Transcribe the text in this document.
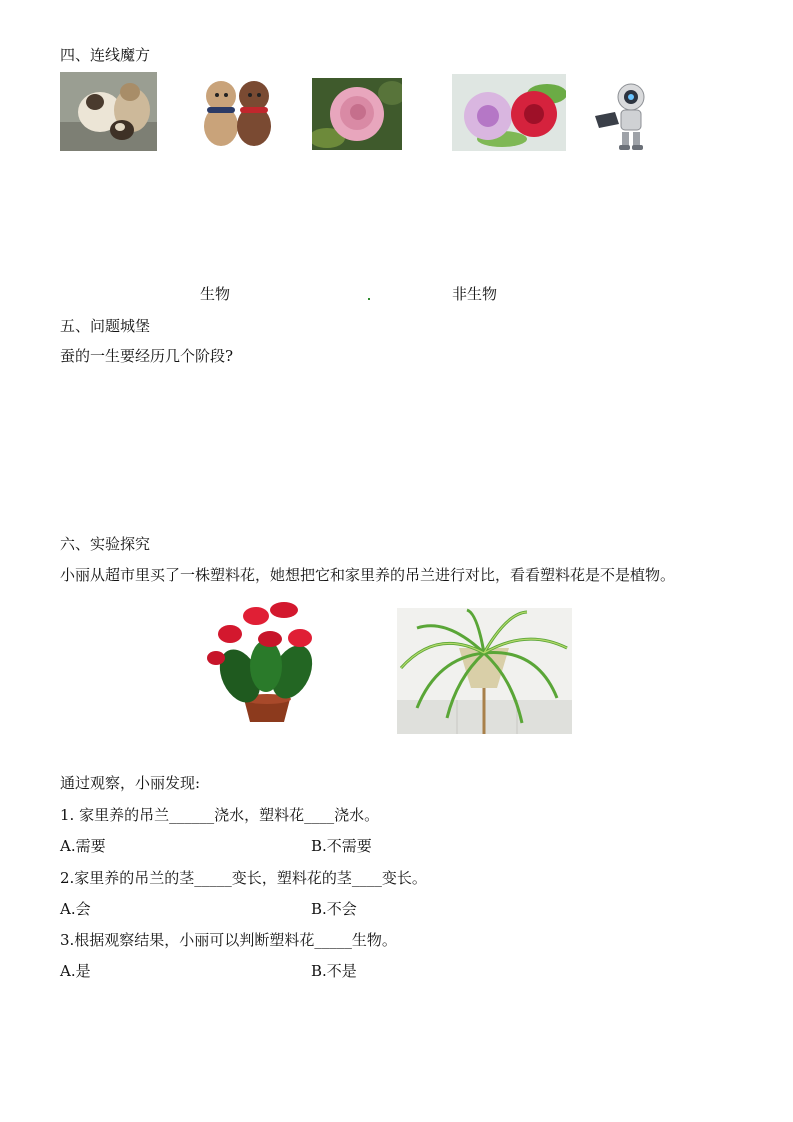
四、连线魔方
生物	非生物
五、问题城堡
蚕的一生要经历几个阶段?
六、实验探究
小丽从超市里买了一株塑料花，她想把它和家里养的吊兰进行对比，看看塑料花是不是植物。
通过观察，小丽发现:
1. 家里养的吊兰______浇水，塑料花____浇水。
A.需要	B.不需要
2.家里养的吊兰的茎_____变长，塑料花的茎____变长。
A.会	B.不会
3.根据观察结果，小丽可以判断塑料花_____生物。
A.是	B.不是
